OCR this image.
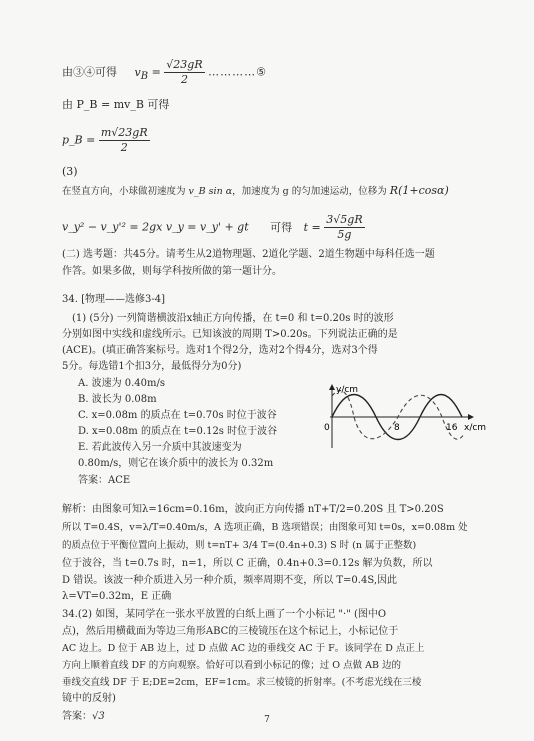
由③④可得 $v_B = \frac{√23gR}{2}$ …………⑤
由 P_B = mv_B 可得
p_B = $\frac{m√23gR}{2}$
(3)
在竖直方向，小球做初速度为 v_B sin α，加速度为 g 的匀加速运动，位移为 R(1+cosα)
v_y² − v_y'² = 2gx v_y = v_y' + gt 可得 $t = \frac{3√5gR}{5g}$
(二) 选考题：共45分。请考生从2道物理题、2道化学题、2道生物题中每科任选一题
作答。如果多做，则每学科按所做的第一题计分。
34. [物理——选修3-4]
(1) (5分) 一列简谐横波沿x轴正方向传播，在 t=0 和 t=0.20s 时的波形
分别如图中实线和虚线所示。已知该波的周期 T>0.20s。下列说法正确的是
(ACE)。(填正确答案标号。选对1个得2分，选对2个得4分，选对3个得
5分。每选错1个扣3分，最低得分为0分)
A. 波速为 0.40m/s
B. 波长为 0.08m
C. x=0.08m 的质点在 t=0.70s 时位于波谷
D. x=0.08m 的质点在 t=0.12s 时位于波谷
E. 若此波传入另一介质中其波速变为
0.80m/s，则它在该介质中的波长为 0.32m
答案：ACE
y/cm
x/cm
0	8	16
解析：由图象可知λ=16cm=0.16m，波向正方向传播 nT+T/2=0.20S 且 T>0.20S
所以 T=0.4S，v=λ/T=0.40m/s，A 选项正确，B 选项错误；由图象可知 t=0s，x=0.08m 处
的质点位于平衡位置向上振动，则 t=nT+ 3/4 T=(0.4n+0.3) S 时 (n 属于正整数)
位于波谷，当 t=0.7s 时，n=1，所以 C 正确，0.4n+0.3=0.12s 解为负数，所以
D 错误。该波一种介质进入另一种介质，频率周期不变，所以 T=0.4S,因此
λ=VT=0.32m，E 正确
34.(2) 如图，某同学在一张水平放置的白纸上画了一个小标记 "·" (图中O
点)，然后用横截面为等边三角形ABC的三棱镜压在这个标记上，小标记位于
AC 边上。D 位于 AB 边上，过 D 点做 AC 边的垂线交 AC 于 F。该同学在 D 点正上
方向上顺着直线 DF 的方向观察。恰好可以看到小标记的像；过 O 点做 AB 边的
垂线交直线 DF 于 E;DE=2cm，EF=1cm。求三棱镜的折射率。(不考虑光线在三棱
镜中的反射)
答案：√3	7
